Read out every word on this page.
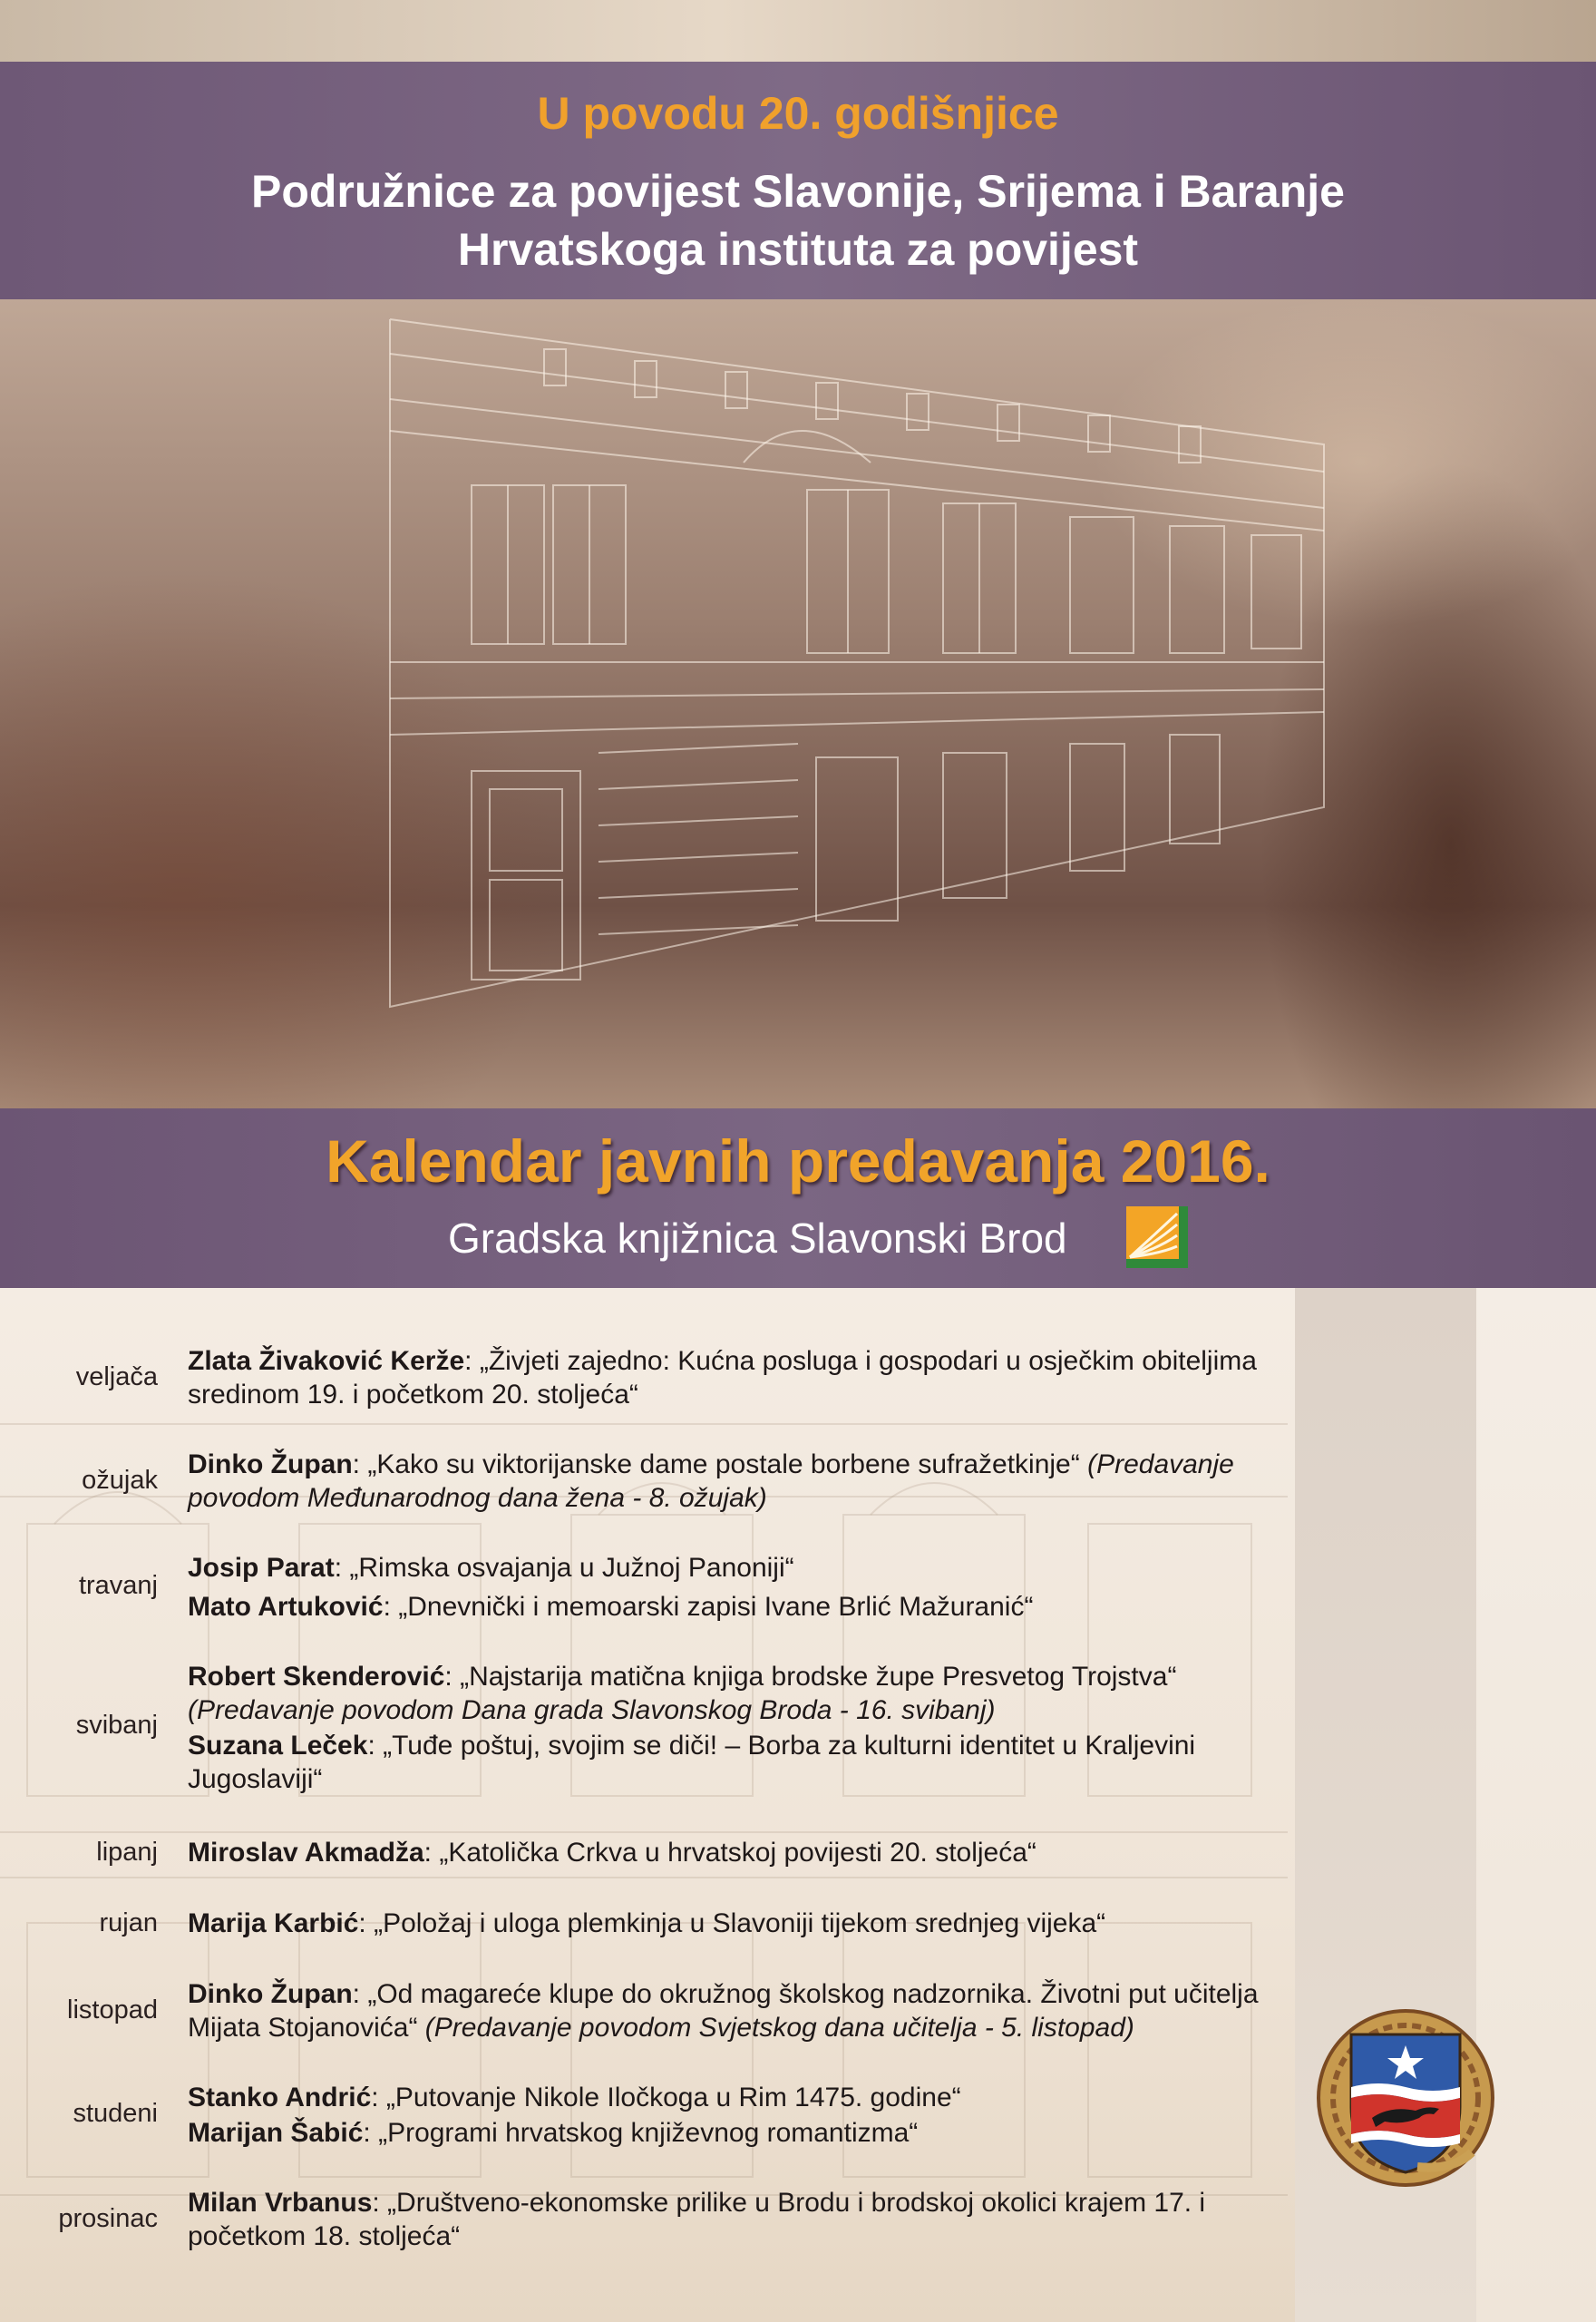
U povodu 20. godišnjice
Podružnice za povijest Slavonije, Srijema i Baranje
Hrvatskoga instituta za povijest
Kalendar javnih predavanja 2016.
Gradska knjižnica Slavonski Brod
veljača

Zlata Živaković Kerže: „Živjeti zajedno: Kućna posluga i gospodari u osječkim obiteljima sredinom 19. i početkom 20. stoljeća“

ožujak

Dinko Župan: „Kako su viktorijanske dame postale borbene sufražetkinje“ (Predavanje povodom Međunarodnog dana žena - 8. ožujak)

travanj

Josip Parat: „Rimska osvajanja u Južnoj Panoniji“

Mato Artuković: „Dnevnički i memoarski zapisi Ivane Brlić Mažuranić“

svibanj

Robert Skenderović: „Najstarija matična knjiga brodske župe Presvetog Trojstva“ (Predavanje povodom Dana grada Slavonskog Broda - 16. svibanj)

Suzana Leček: „Tuđe poštuj, svojim se diči! – Borba za kulturni identitet u Kraljevini Jugoslaviji“

lipanj Miroslav Akmadža: „Katolička Crkva u hrvatskoj povijesti 20. stoljeća“

rujan Marija Karbić: „Položaj i uloga plemkinja u Slavoniji tijekom srednjeg vijeka“

listopad

Dinko Župan: „Od magareće klupe do okružnog školskog nadzornika. Životni put učitelja Mijata Stojanovića“ (Predavanje povodom Svjetskog dana učitelja - 5. listopad)

studeni

Stanko Andrić: „Putovanje Nikole Iločkoga u Rim 1475. godine“

Marijan Šabić: „Programi hrvatskog književnog romantizma“

prosinac

Milan Vrbanus: „Društveno-ekonomske prilike u Brodu i brodskoj okolici krajem 17. i početkom 18. stoljeća“
